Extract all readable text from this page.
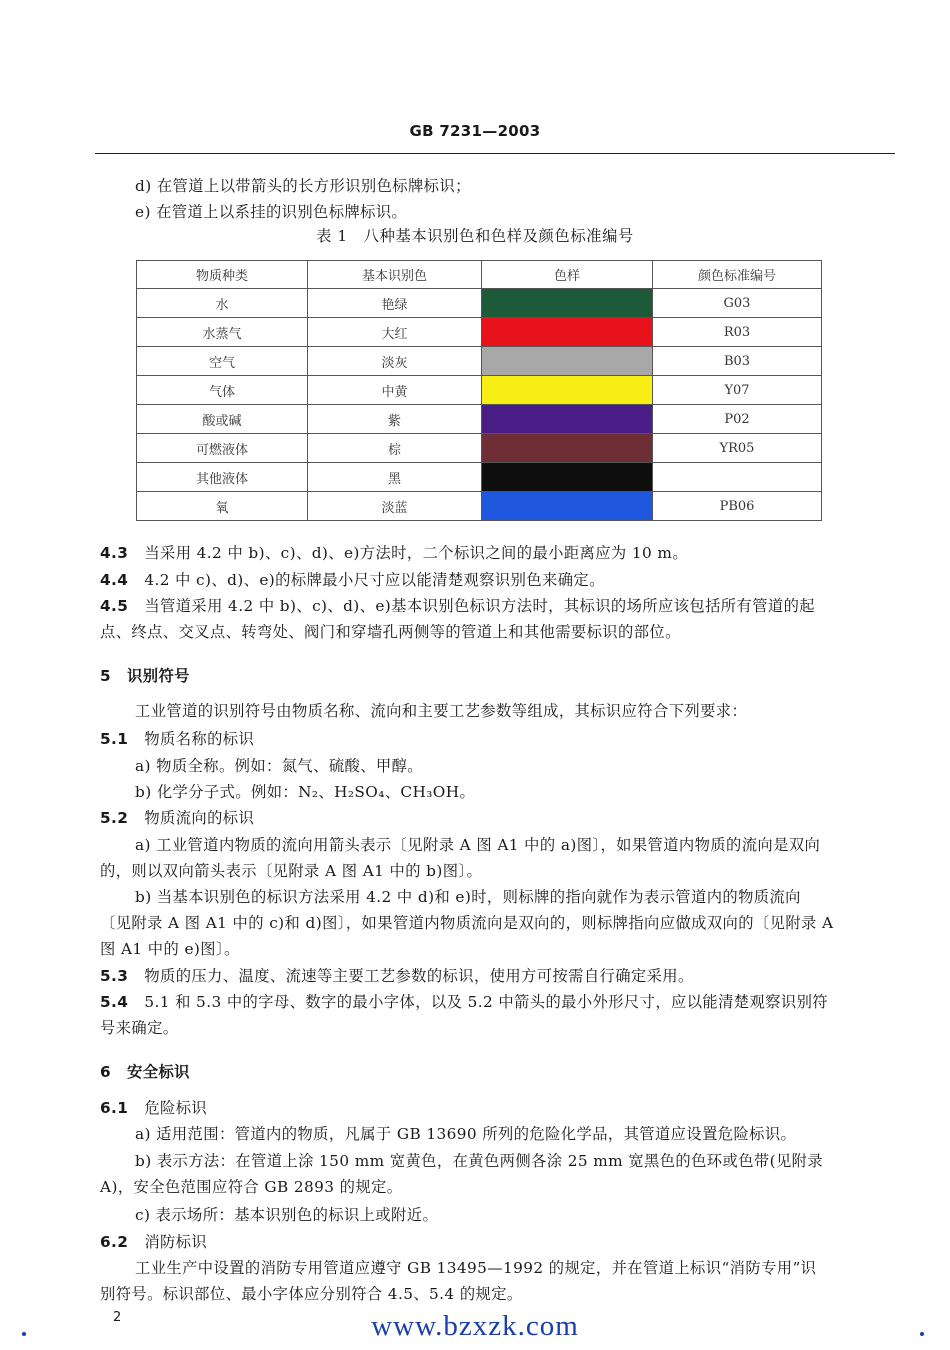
GB 7231—2003
d) 在管道上以带箭头的长方形识别色标牌标识；
e) 在管道上以系挂的识别色标牌标识。
表 1　八种基本识别色和色样及颜色标准编号
物质种类	基本识别色	色样	颜色标准编号
水	艳绿		G03
水蒸气	大红		R03
空气	淡灰		B03
气体	中黄		Y07
酸或碱	紫		P02
可燃液体	棕		YR05
其他液体	黑	

氧	淡蓝		PB06
4.3 当采用 4.2 中 b)、c)、d)、e)方法时，二个标识之间的最小距离应为 10 m。
4.4 4.2 中 c)、d)、e)的标牌最小尺寸应以能清楚观察识别色来确定。
4.5 当管道采用 4.2 中 b)、c)、d)、e)基本识别色标识方法时，其标识的场所应该包括所有管道的起
点、终点、交叉点、转弯处、阀门和穿墙孔两侧等的管道上和其他需要标识的部位。
5 识别符号
工业管道的识别符号由物质名称、流向和主要工艺参数等组成，其标识应符合下列要求：
5.1 物质名称的标识
a) 物质全称。例如：氮气、硫酸、甲醇。
b) 化学分子式。例如：N₂、H₂SO₄、CH₃OH。
5.2 物质流向的标识
a) 工业管道内物质的流向用箭头表示〔见附录 A 图 A1 中的 a)图〕，如果管道内物质的流向是双向
的，则以双向箭头表示〔见附录 A 图 A1 中的 b)图〕。
b) 当基本识别色的标识方法采用 4.2 中 d)和 e)时，则标牌的指向就作为表示管道内的物质流向
〔见附录 A 图 A1 中的 c)和 d)图〕，如果管道内物质流向是双向的，则标牌指向应做成双向的〔见附录 A
图 A1 中的 e)图〕。
5.3 物质的压力、温度、流速等主要工艺参数的标识，使用方可按需自行确定采用。
5.4 5.1 和 5.3 中的字母、数字的最小字体，以及 5.2 中箭头的最小外形尺寸，应以能清楚观察识别符
号来确定。
6 安全标识
6.1 危险标识
a) 适用范围：管道内的物质，凡属于 GB 13690 所列的危险化学品，其管道应设置危险标识。
b) 表示方法：在管道上涂 150 mm 宽黄色，在黄色两侧各涂 25 mm 宽黑色的色环或色带(见附录
A)，安全色范围应符合 GB 2893 的规定。
c) 表示场所：基本识别色的标识上或附近。
6.2 消防标识
工业生产中设置的消防专用管道应遵守 GB 13495—1992 的规定，并在管道上标识“消防专用”识
别符号。标识部位、最小字体应分别符合 4.5、5.4 的规定。
2	www.bzxzk.com
